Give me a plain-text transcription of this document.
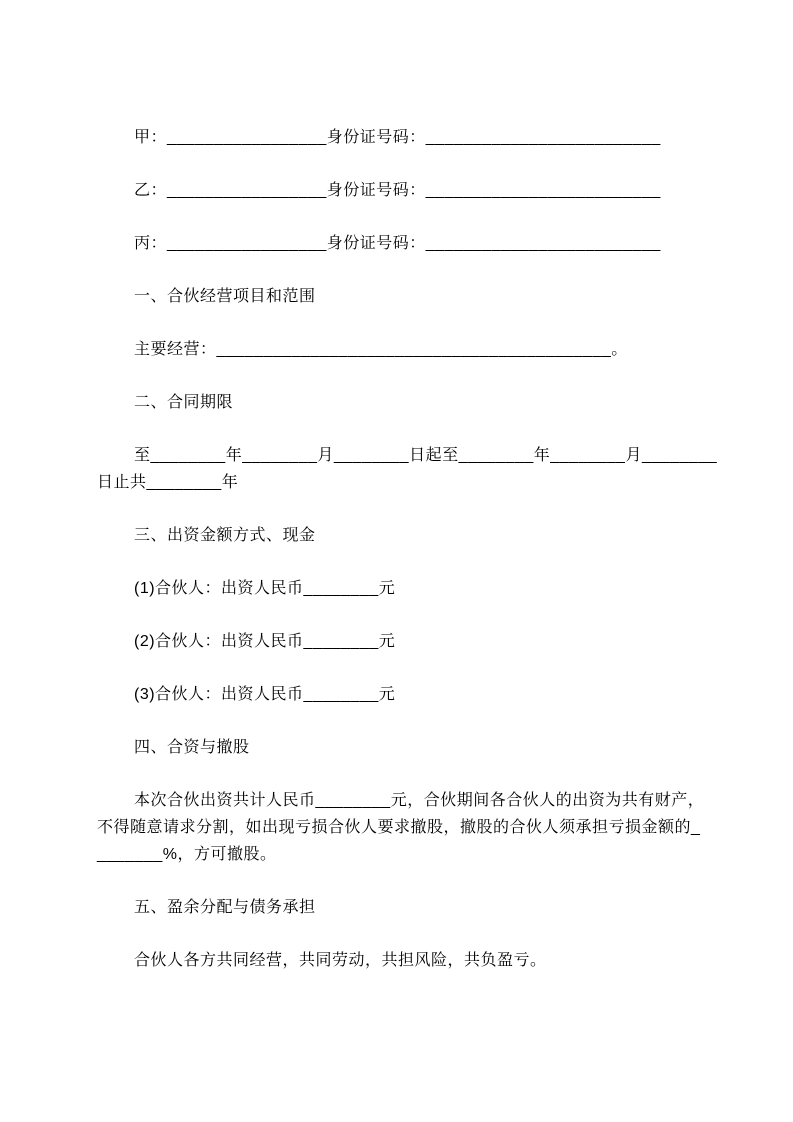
甲：_________________身份证号码：_________________________
乙：_________________身份证号码：_________________________
丙：_________________身份证号码：_________________________
一、合伙经营项目和范围
主要经营：__________________________________________。
二、合同期限
至________年________月________日起至________年________月________
日止共________年
三、出资金额方式、现金
(1)合伙人：出资人民币________元
(2)合伙人：出资人民币________元
(3)合伙人：出资人民币________元
四、合资与撤股
本次合伙出资共计人民币________元，合伙期间各合伙人的出资为共有财产，
不得随意请求分割，如出现亏损合伙人要求撤股，撤股的合伙人须承担亏损金额的_
_______%，方可撤股。
五、盈余分配与债务承担
合伙人各方共同经营，共同劳动，共担风险，共负盈亏。
